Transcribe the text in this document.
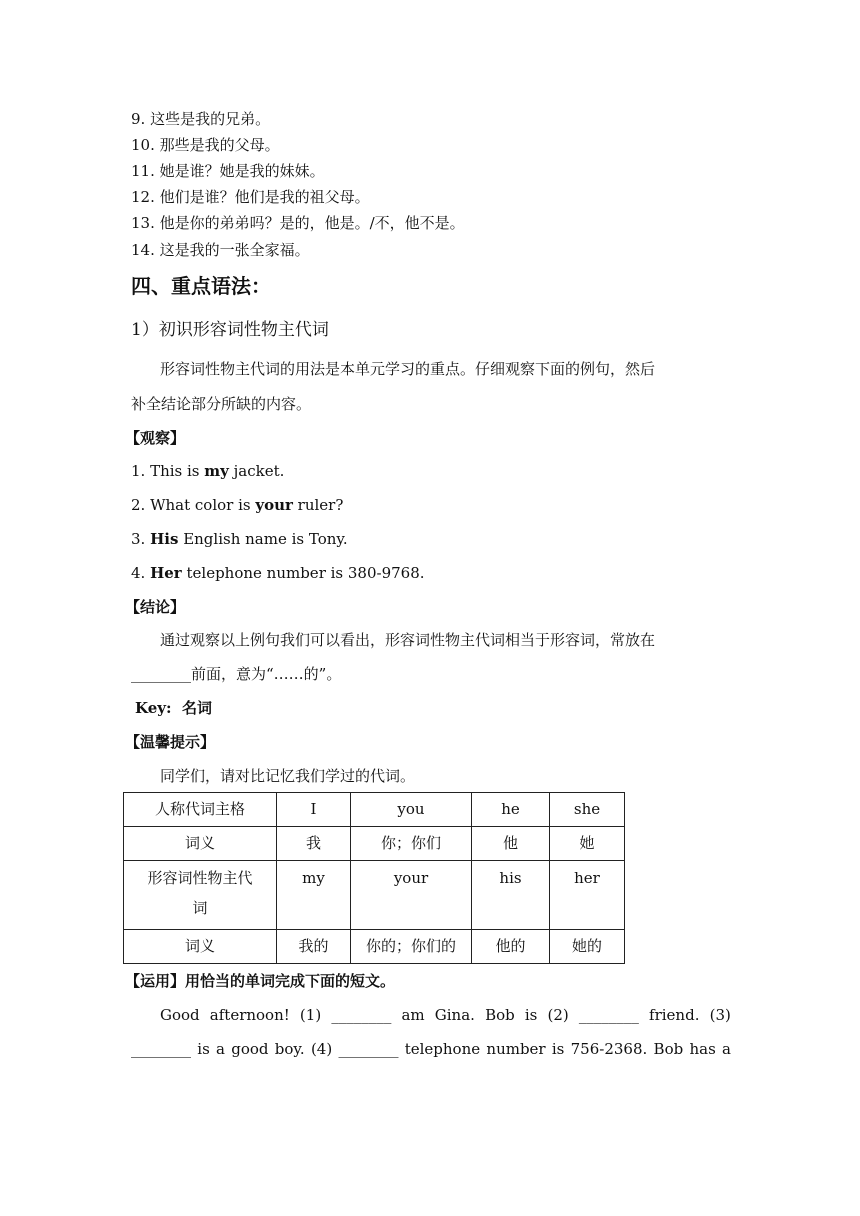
9. 这些是我的兄弟。
10. 那些是我的父母。
11. 她是谁？她是我的妹妹。
12. 他们是谁？他们是我的祖父母。
13. 他是你的弟弟吗？是的，他是。/不，他不是。
14. 这是我的一张全家福。
四、重点语法：
1）初识形容词性物主代词
形容词性物主代词的用法是本单元学习的重点。仔细观察下面的例句，然后
补全结论部分所缺的内容。
【观察】
1. This is my jacket.
2. What color is your ruler?
3. His English name is Tony.
4. Her telephone number is 380-9768.
【结论】
通过观察以上例句我们可以看出，形容词性物主代词相当于形容词，常放在
________前面，意为“……的”。
Key: 名词
【温馨提示】
同学们，请对比记忆我们学过的代词。
人称代词主格	I	you	he	she
词义	我	你；你们	他	她
形容词性物主代
词	my	your	his	her
词义	我的	你的；你们的	他的	她的
【运用】用恰当的单词完成下面的短文。
Good afternoon! (1) ________ am Gina. Bob is (2) ________ friend. (3)
________ is a good boy. (4) ________ telephone number is 756-2368. Bob has a
